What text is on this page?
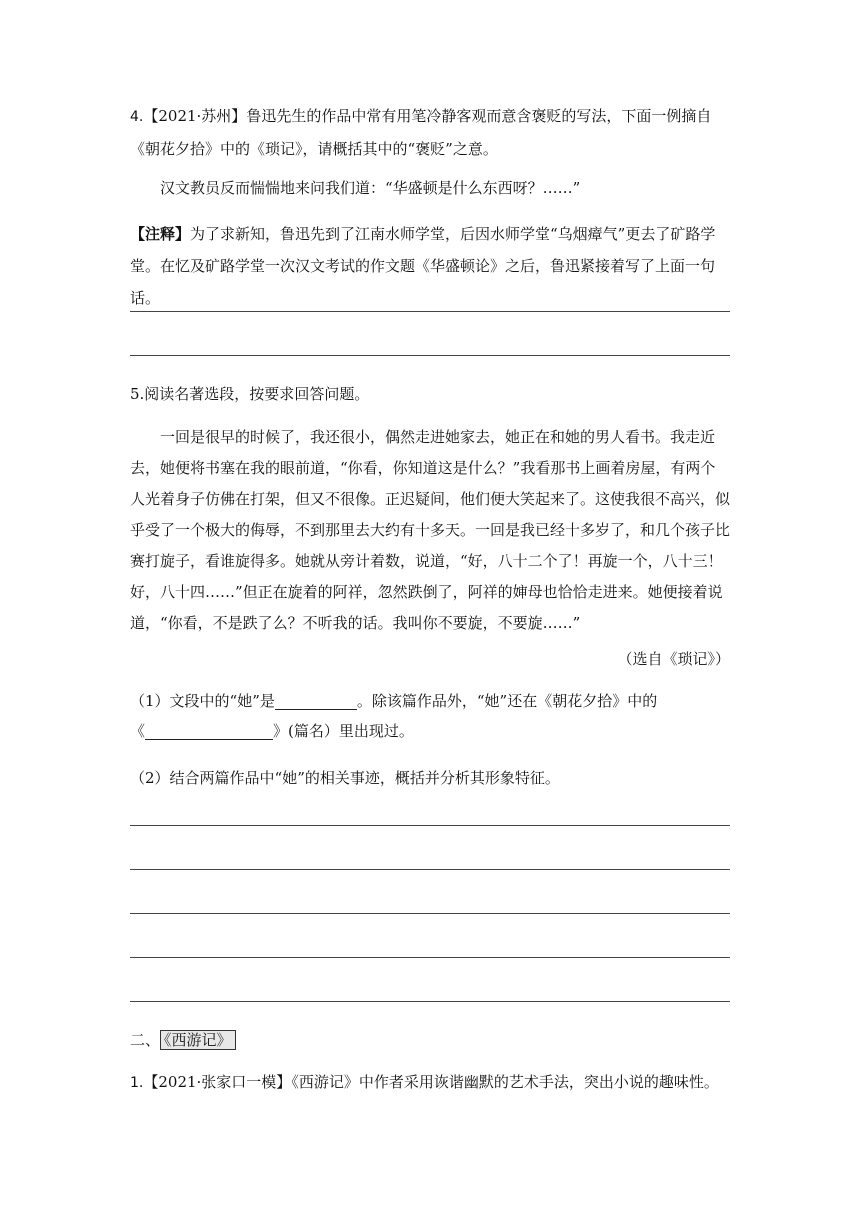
4.【2021·苏州】鲁迅先生的作品中常有用笔冷静客观而意含褒贬的写法，下面一例摘自《朝花夕拾》中的《琐记》，请概括其中的“褒贬”之意。

汉文教员反而惴惴地来问我们道：“华盛顿是什么东西呀？……”

【注释】为了求新知，鲁迅先到了江南水师学堂，后因水师学堂“乌烟瘴气”更去了矿路学堂。在忆及矿路学堂一次汉文考试的作文题《华盛顿论》之后，鲁迅紧接着写了上面一句话。

5.阅读名著选段，按要求回答问题。

一回是很早的时候了，我还很小，偶然走进她家去，她正在和她的男人看书。我走近去，她便将书塞在我的眼前道，“你看，你知道这是什么？”我看那书上画着房屋，有两个人光着身子仿佛在打架，但又不很像。正迟疑间，他们便大笑起来了。这使我很不高兴，似乎受了一个极大的侮辱，不到那里去大约有十多天。一回是我已经十多岁了，和几个孩子比赛打旋子，看谁旋得多。她就从旁计着数，说道，“好，八十二个了！再旋一个，八十三！好，八十四……”但正在旋着的阿祥，忽然跌倒了，阿祥的婶母也恰恰走进来。她便接着说道，“你看，不是跌了么？不听我的话。我叫你不要旋，不要旋……”

（选自《琐记》）

（1）文段中的“她”是	。除该篇作品外，“她”还在《朝花夕拾》中的
《	》(篇名）里出现过。

（2）结合两篇作品中“她”的相关事迹，概括并分析其形象特征。

二、 《西游记》

1.【2021·张家口一模】《西游记》中作者采用诙谐幽默的艺术手法，突出小说的趣味性。
